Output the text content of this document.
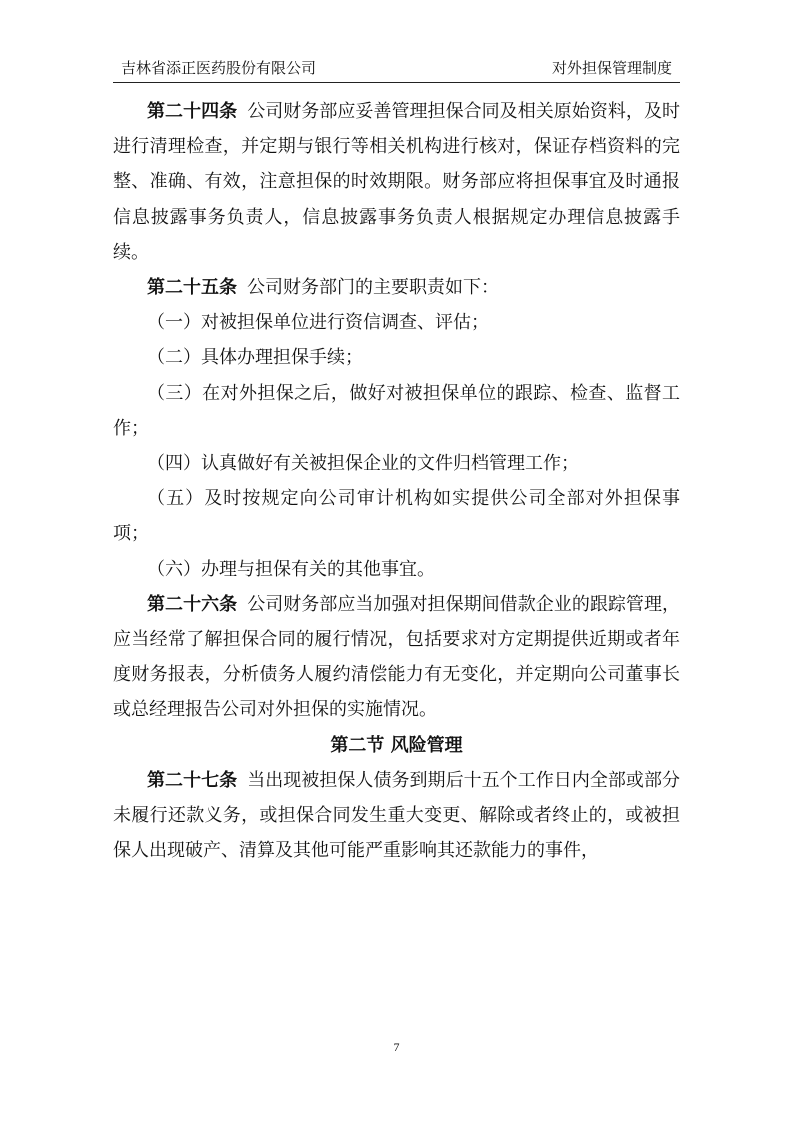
吉林省添正医药股份有限公司	对外担保管理制度

第二十四条 公司财务部应妥善管理担保合同及相关原始资料，及时进行清理检查，并定期与银行等相关机构进行核对，保证存档资料的完整、准确、有效，注意担保的时效期限。财务部应将担保事宜及时通报信息披露事务负责人，信息披露事务负责人根据规定办理信息披露手续。

第二十五条 公司财务部门的主要职责如下：

（一）对被担保单位进行资信调查、评估；

（二）具体办理担保手续；

（三）在对外担保之后，做好对被担保单位的跟踪、检查、监督工作；

（四）认真做好有关被担保企业的文件归档管理工作；

（五）及时按规定向公司审计机构如实提供公司全部对外担保事项；

（六）办理与担保有关的其他事宜。

第二十六条 公司财务部应当加强对担保期间借款企业的跟踪管理，应当经常了解担保合同的履行情况，包括要求对方定期提供近期或者年度财务报表，分析债务人履约清偿能力有无变化，并定期向公司董事长或总经理报告公司对外担保的实施情况。

第二节 风险管理

第二十七条 当出现被担保人债务到期后十五个工作日内全部或部分未履行还款义务，或担保合同发生重大变更、解除或者终止的，或被担保人出现破产、清算及其他可能严重影响其还款能力的事件，

7
